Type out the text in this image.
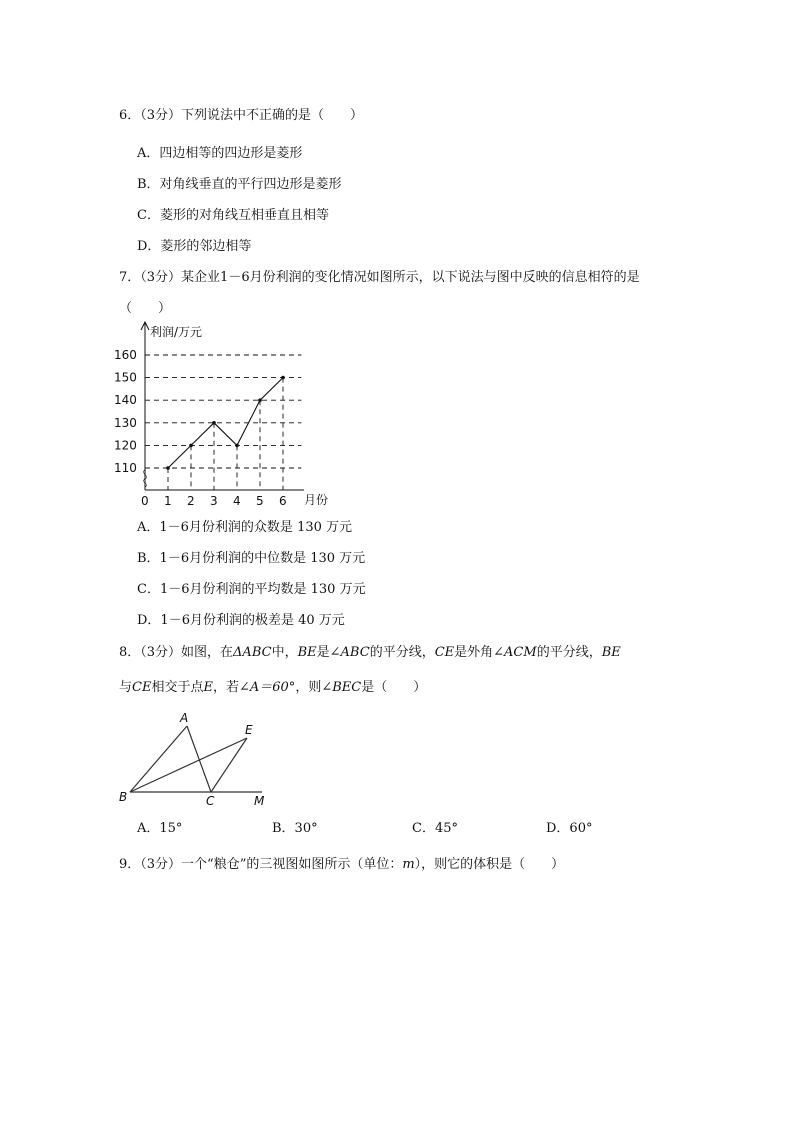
6．（3分）下列说法中不正确的是（　　）
A．四边相等的四边形是菱形
B．对角线垂直的平行四边形是菱形
C．菱形的对角线互相垂直且相等
D．菱形的邻边相等
7．（3分）某企业1－6月份利润的变化情况如图所示，以下说法与图中反映的信息相符的是
（　　）
110
120
130
140
150
160
0 1 2 3 4 5 6
利润/万元
月份
A．1－6月份利润的众数是 130 万元
B．1－6月份利润的中位数是 130 万元
C．1－6月份利润的平均数是 130 万元
D．1－6月份利润的极差是 40 万元
8．（3分）如图，在ΔABC中，BE是∠ABC的平分线，CE是外角∠ACM的平分线，BE
与CE相交于点E，若∠A＝60°，则∠BEC是（　　）
A
B	C
E
M
A．15°	B．30°	C．45°	D．60°
9．（3分）一个“粮仓”的三视图如图所示（单位：m），则它的体积是（　　）
